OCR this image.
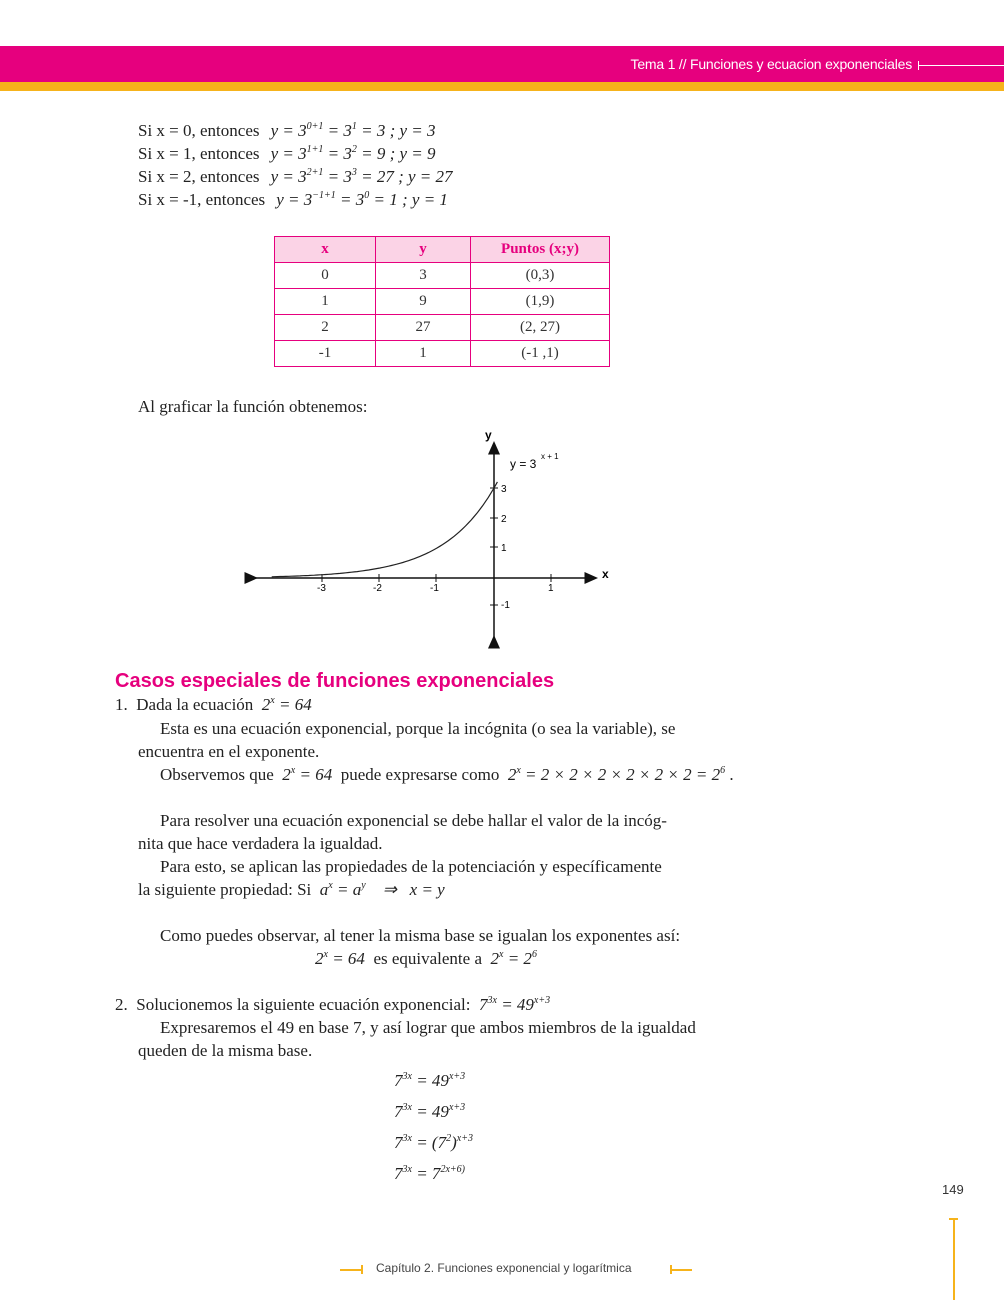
Tema 1 // Funciones y ecuacion exponenciales
Si x = 0, entonces $y = 3^{0+1} = 3^1 = 3$ ; y = 3
Si x = 1, entonces $y = 3^{1+1} = 3^2 = 9$ ; y = 9
Si x = 2, entonces $y = 3^{2+1} = 3^3 = 27$ ; y = 27
Si x = -1, entonces $y = 3^{-1+1} = 3^0 = 1$ ; y = 1
x	y	Puntos (x;y)
0	3	(0,3)
1	9	(1,9)
2	27	(2, 27)
-1	1	(-1 ,1)
Al graficar la función obtenemos:
-3	-2	-1	1
3
2
1
-1
y
x
y = 3
x + 1
Casos especiales de funciones exponenciales
1. Dada la ecuación $2^x = 64$
Esta es una ecuación exponencial, porque la incógnita (o sea la variable), se
encuentra en el exponente.
Observemos que $2^x = 64$ puede expresarse como $2^x = 2 \times 2 \times 2 \times 2 \times 2 \times 2 = 2^6$ .
Para resolver una ecuación exponencial se debe hallar el valor de la incóg-
nita que hace verdadera la igualdad.
Para esto, se aplican las propiedades de la potenciación y específicamente
la siguiente propiedad: Si $a^x = a^y$    ⇒   x = y
Como puedes observar, al tener la misma base se igualan los exponentes así:
$2^x = 64$ es equivalente a $2^x = 2^6$
2. Solucionemos la siguiente ecuación exponencial: $7^{3x} = 49^{x+3}$
Expresaremos el 49 en base 7, y así lograr que ambos miembros de la igualdad
queden de la misma base.
$7^{3x} = 49^{x+3}$
$7^{3x} = 49^{x+3}$
$7^{3x} = (7^2)^{x+3}$
$7^{3x} = 7^{2x+6)}$
149
Capítulo 2. Funciones exponencial y logarítmica
